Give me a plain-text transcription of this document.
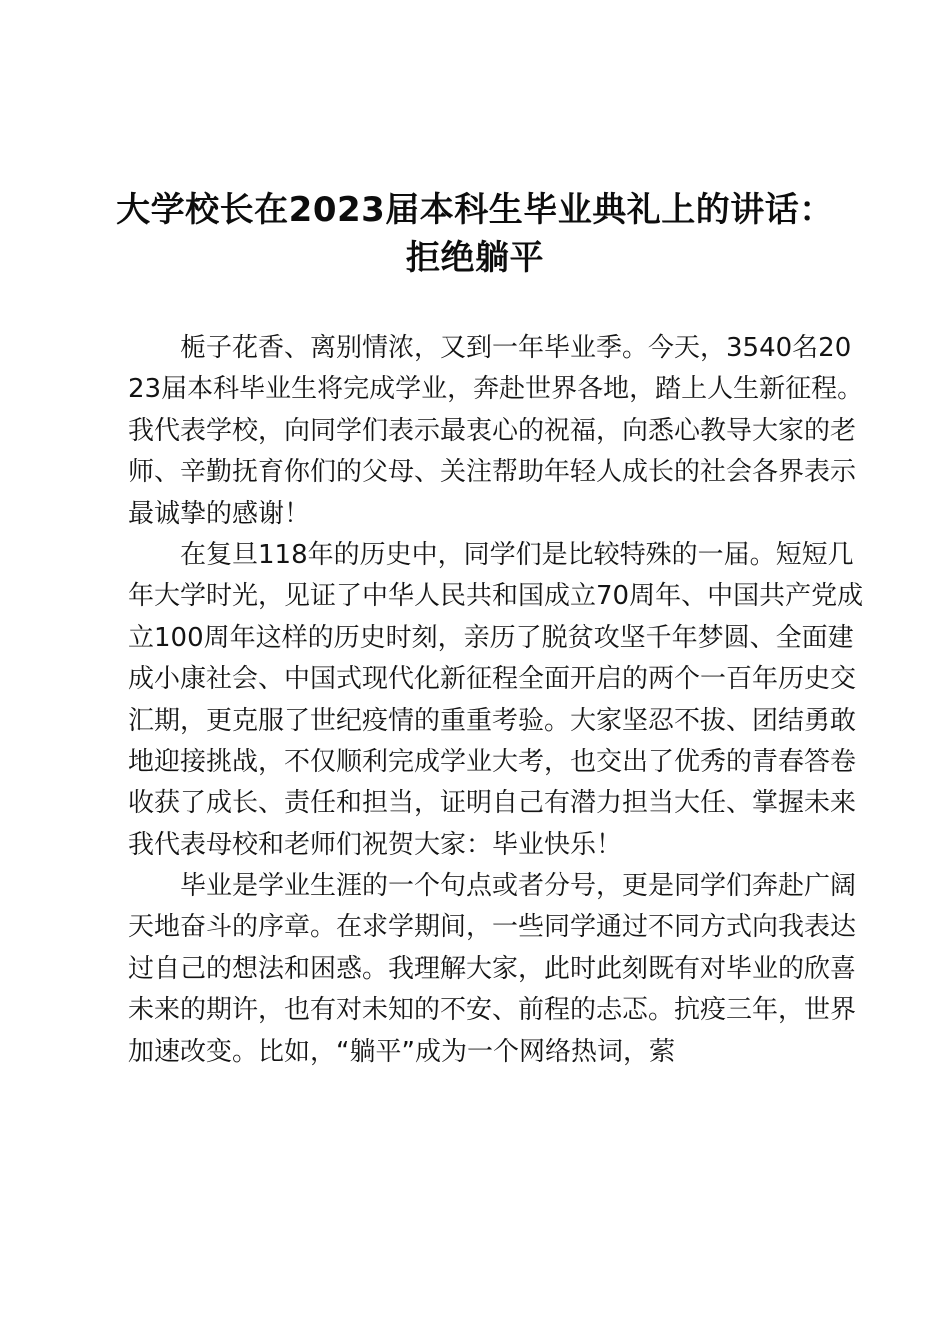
大学校长在2023届本科生毕业典礼上的讲话：
拒绝躺平
栀子花香、离别情浓，又到一年毕业季。今天，3540名20
23届本科毕业生将完成学业，奔赴世界各地，踏上人生新征程。
我代表学校，向同学们表示最衷心的祝福，向悉心教导大家的老
师、辛勤抚育你们的父母、关注帮助年轻人成长的社会各界表示
最诚挚的感谢！
在复旦118年的历史中，同学们是比较特殊的一届。短短几
年大学时光，见证了中华人民共和国成立70周年、中国共产党成
立100周年这样的历史时刻，亲历了脱贫攻坚千年梦圆、全面建
成小康社会、中国式现代化新征程全面开启的两个一百年历史交
汇期，更克服了世纪疫情的重重考验。大家坚忍不拔、团结勇敢
地迎接挑战，不仅顺利完成学业大考，也交出了优秀的青春答卷
收获了成长、责任和担当，证明自己有潜力担当大任、掌握未来
我代表母校和老师们祝贺大家：毕业快乐！
毕业是学业生涯的一个句点或者分号，更是同学们奔赴广阔
天地奋斗的序章。在求学期间，一些同学通过不同方式向我表达
过自己的想法和困惑。我理解大家，此时此刻既有对毕业的欣喜
未来的期许，也有对未知的不安、前程的忐忑。抗疫三年，世界
加速改变。比如，“躺平”成为一个网络热词，萦
